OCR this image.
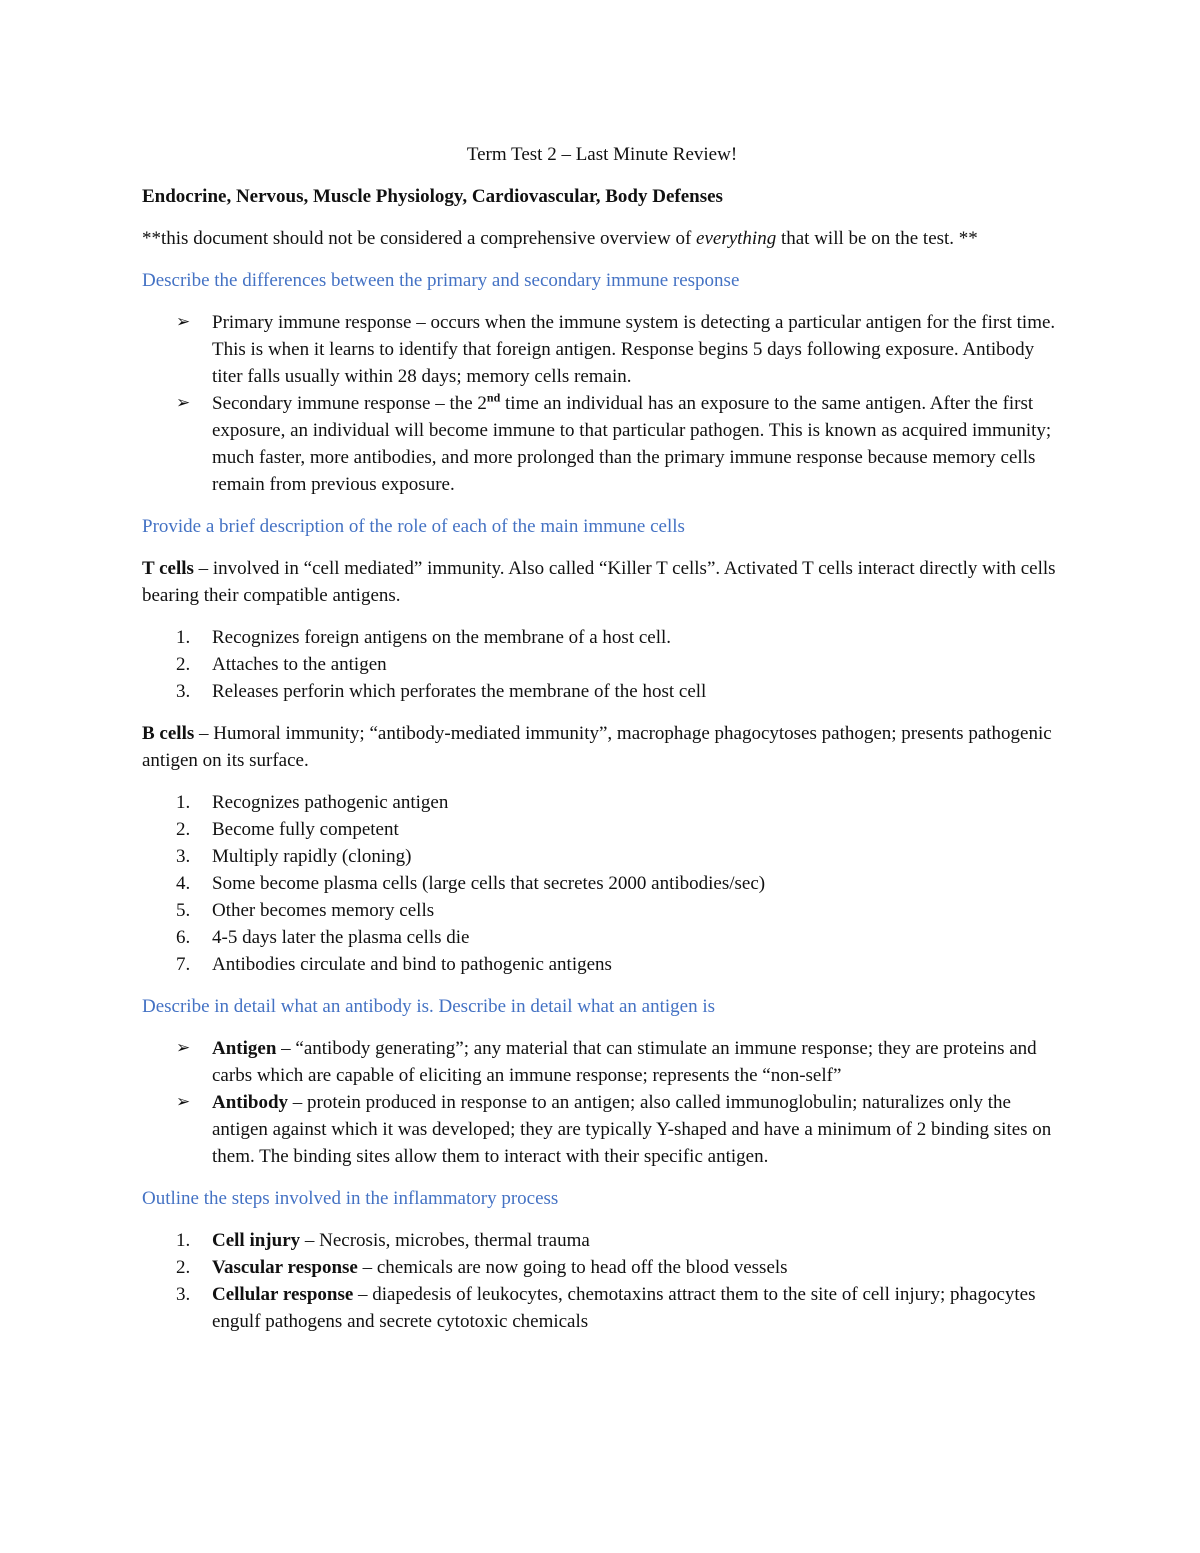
Term Test 2 – Last Minute Review!
Endocrine, Nervous, Muscle Physiology, Cardiovascular, Body Defenses

**this document should not be considered a comprehensive overview of everything that will be on the test. **

Describe the differences between the primary and secondary immune response
➢ Primary immune response – occurs when the immune system is detecting a particular antigen for the first time. This is when it learns to identify that foreign antigen. Response begins 5 days following exposure. Antibody titer falls usually within 28 days; memory cells remain.
➢ Secondary immune response – the 2nd time an individual has an exposure to the same antigen. After the first exposure, an individual will become immune to that particular pathogen. This is known as acquired immunity; much faster, more antibodies, and more prolonged than the primary immune response because memory cells remain from previous exposure.
Provide a brief description of the role of each of the main immune cells

T cells – involved in “cell mediated” immunity. Also called “Killer T cells”. Activated T cells interact directly with cells bearing their compatible antigens.

1. Recognizes foreign antigens on the membrane of a host cell.
2. Attaches to the antigen
3. Releases perforin which perforates the membrane of the host cell

B cells – Humoral immunity; “antibody-mediated immunity”, macrophage phagocytoses pathogen; presents pathogenic antigen on its surface.

1. Recognizes pathogenic antigen
2. Become fully competent
3. Multiply rapidly (cloning)
4. Some become plasma cells (large cells that secretes 2000 antibodies/sec)
5. Other becomes memory cells
6. 4-5 days later the plasma cells die
7. Antibodies circulate and bind to pathogenic antigens
Describe in detail what an antibody is. Describe in detail what an antigen is
➢ Antigen – “antibody generating”; any material that can stimulate an immune response; they are proteins and carbs which are capable of eliciting an immune response; represents the “non-self”
➢ Antibody – protein produced in response to an antigen; also called immunoglobulin; naturalizes only the antigen against which it was developed; they are typically Y-shaped and have a minimum of 2 binding sites on them. The binding sites allow them to interact with their specific antigen.
Outline the steps involved in the inflammatory process
1. Cell injury – Necrosis, microbes, thermal trauma
2. Vascular response – chemicals are now going to head off the blood vessels
3. Cellular response – diapedesis of leukocytes, chemotaxins attract them to the site of cell injury; phagocytes engulf pathogens and secrete cytotoxic chemicals
